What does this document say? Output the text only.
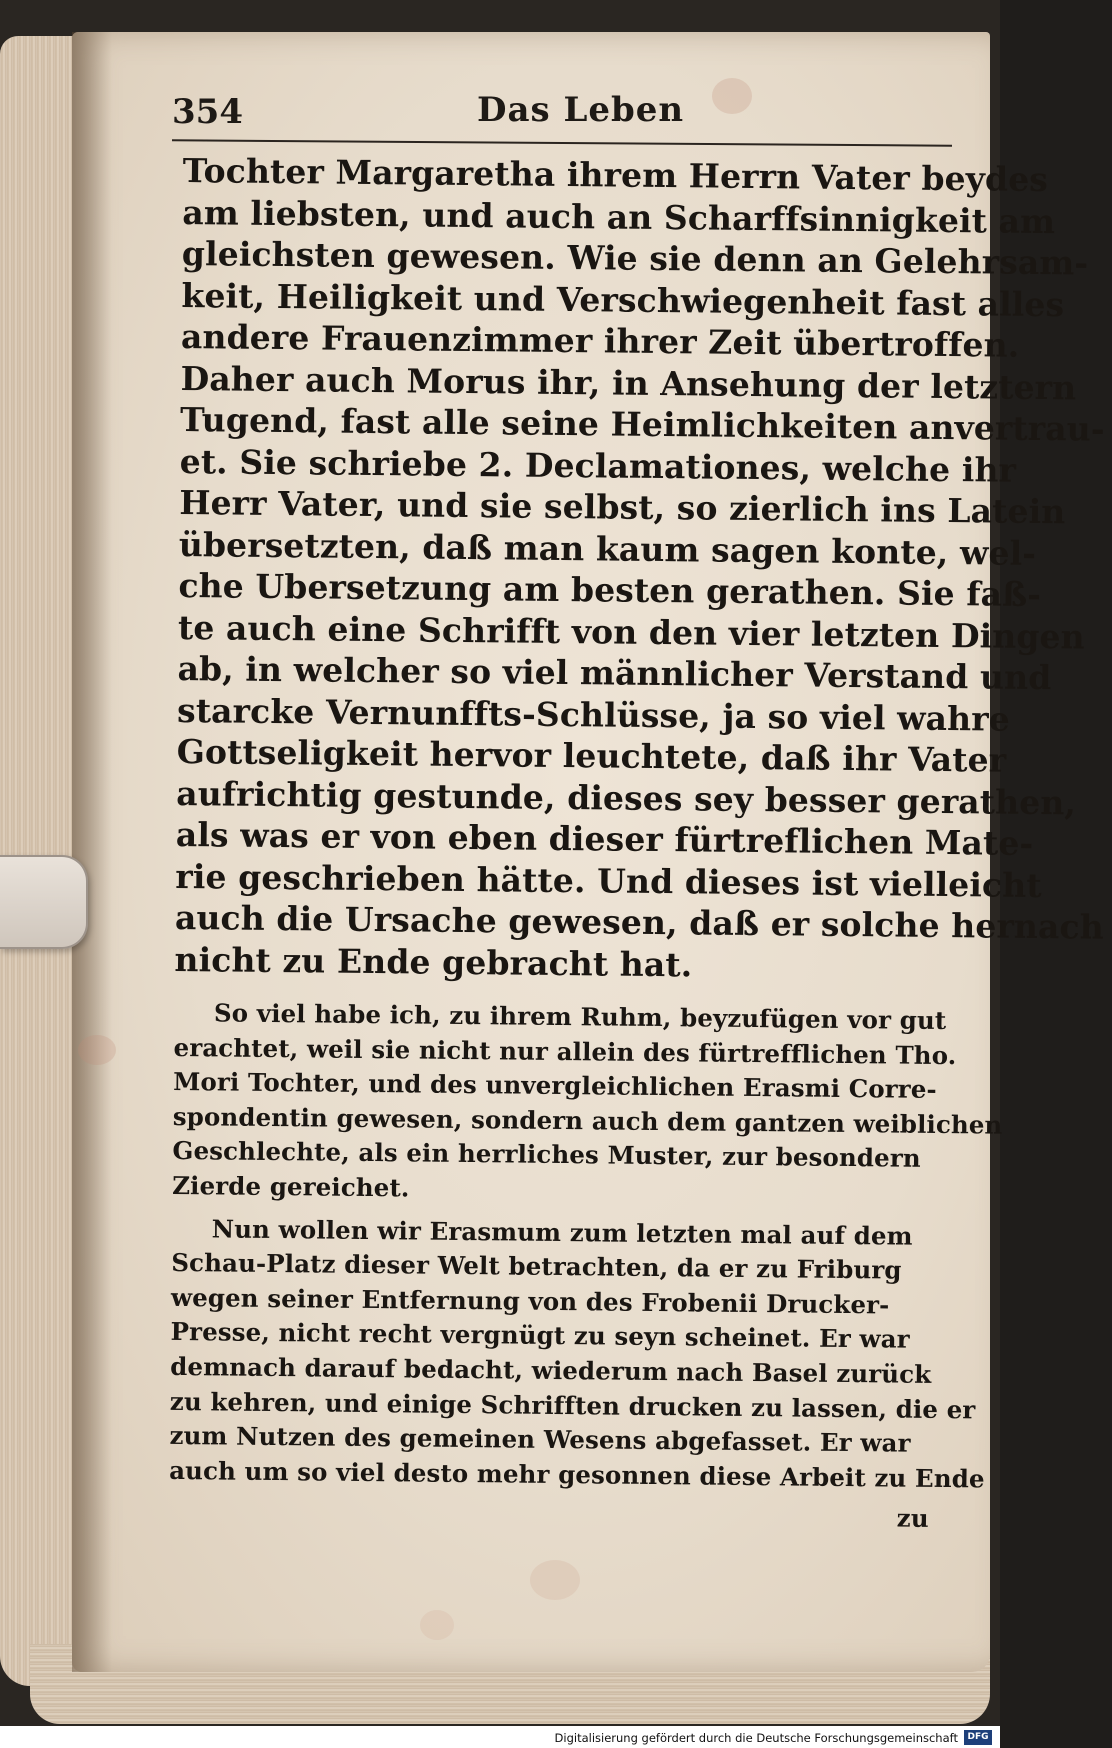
354	Das Leben
Tochter Margaretha ihrem Herrn Vater beydes
am liebsten, und auch an Scharffsinnigkeit am
gleichsten gewesen. Wie sie denn an Gelehrsam-
keit, Heiligkeit und Verschwiegenheit fast alles
andere Frauenzimmer ihrer Zeit übertroffen.
Daher auch Morus ihr, in Ansehung der letztern
Tugend, fast alle seine Heimlichkeiten anvertrau-
et. Sie schriebe 2. Declamationes, welche ihr
Herr Vater, und sie selbst, so zierlich ins Latein
übersetzten, daß man kaum sagen konte, wel-
che Ubersetzung am besten gerathen. Sie faß-
te auch eine Schrifft von den vier letzten Dingen
ab, in welcher so viel männlicher Verstand und
starcke Vernunffts-Schlüsse, ja so viel wahre
Gottseligkeit hervor leuchtete, daß ihr Vater
aufrichtig gestunde, dieses sey besser gerathen,
als was er von eben dieser fürtreflichen Mate-
rie geschrieben hätte. Und dieses ist vielleicht
auch die Ursache gewesen, daß er solche hernach
nicht zu Ende gebracht hat.
So viel habe ich, zu ihrem Ruhm, beyzufügen vor gut
erachtet, weil sie nicht nur allein des fürtrefflichen Tho.
Mori Tochter, und des unvergleichlichen Erasmi Corre-
spondentin gewesen, sondern auch dem gantzen weiblichen
Geschlechte, als ein herrliches Muster, zur besondern
Zierde gereichet.
Nun wollen wir Erasmum zum letzten mal auf dem
Schau-Platz dieser Welt betrachten, da er zu Friburg
wegen seiner Entfernung von des Frobenii Drucker-
Presse, nicht recht vergnügt zu seyn scheinet. Er war
demnach darauf bedacht, wiederum nach Basel zurück
zu kehren, und einige Schrifften drucken zu lassen, die er
zum Nutzen des gemeinen Wesens abgefasset. Er war
auch um so viel desto mehr gesonnen diese Arbeit zu Ende
zu
Digitalisierung gefördert durch die Deutsche Forschungsgemeinschaft	DFG
